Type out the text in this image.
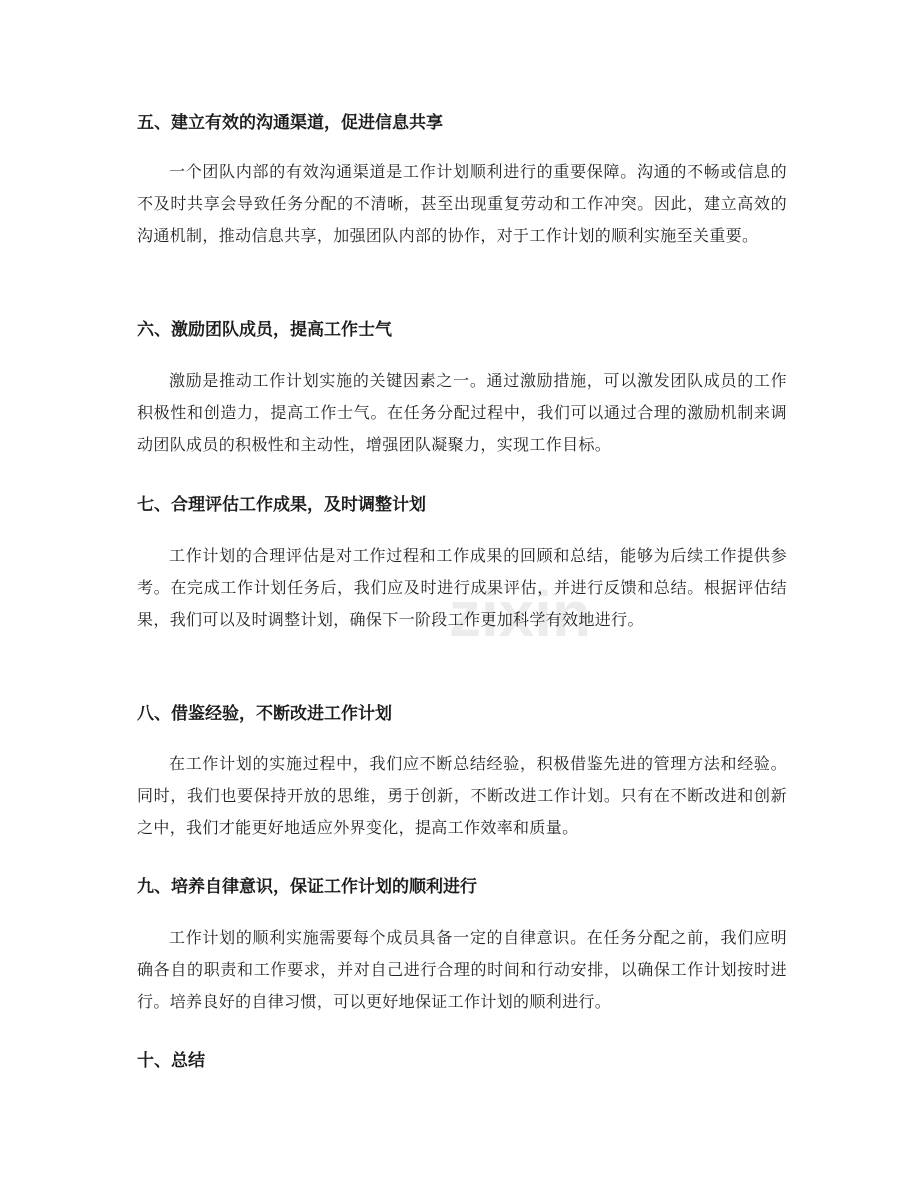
五、建立有效的沟通渠道，促进信息共享
一个团队内部的有效沟通渠道是工作计划顺利进行的重要保障。沟通的不畅或信息的不及时共享会导致任务分配的不清晰，甚至出现重复劳动和工作冲突。因此，建立高效的沟通机制，推动信息共享，加强团队内部的协作，对于工作计划的顺利实施至关重要。
六、激励团队成员，提高工作士气
激励是推动工作计划实施的关键因素之一。通过激励措施，可以激发团队成员的工作积极性和创造力，提高工作士气。在任务分配过程中，我们可以通过合理的激励机制来调动团队成员的积极性和主动性，增强团队凝聚力，实现工作目标。
七、合理评估工作成果，及时调整计划
工作计划的合理评估是对工作过程和工作成果的回顾和总结，能够为后续工作提供参考。在完成工作计划任务后，我们应及时进行成果评估，并进行反馈和总结。根据评估结果，我们可以及时调整计划，确保下一阶段工作更加科学有效地进行。
八、借鉴经验，不断改进工作计划
在工作计划的实施过程中，我们应不断总结经验，积极借鉴先进的管理方法和经验。同时，我们也要保持开放的思维，勇于创新，不断改进工作计划。只有在不断改进和创新之中，我们才能更好地适应外界变化，提高工作效率和质量。
九、培养自律意识，保证工作计划的顺利进行
工作计划的顺利实施需要每个成员具备一定的自律意识。在任务分配之前，我们应明确各自的职责和工作要求，并对自己进行合理的时间和行动安排，以确保工作计划按时进行。培养良好的自律习惯，可以更好地保证工作计划的顺利进行。
十、总结
zixin
